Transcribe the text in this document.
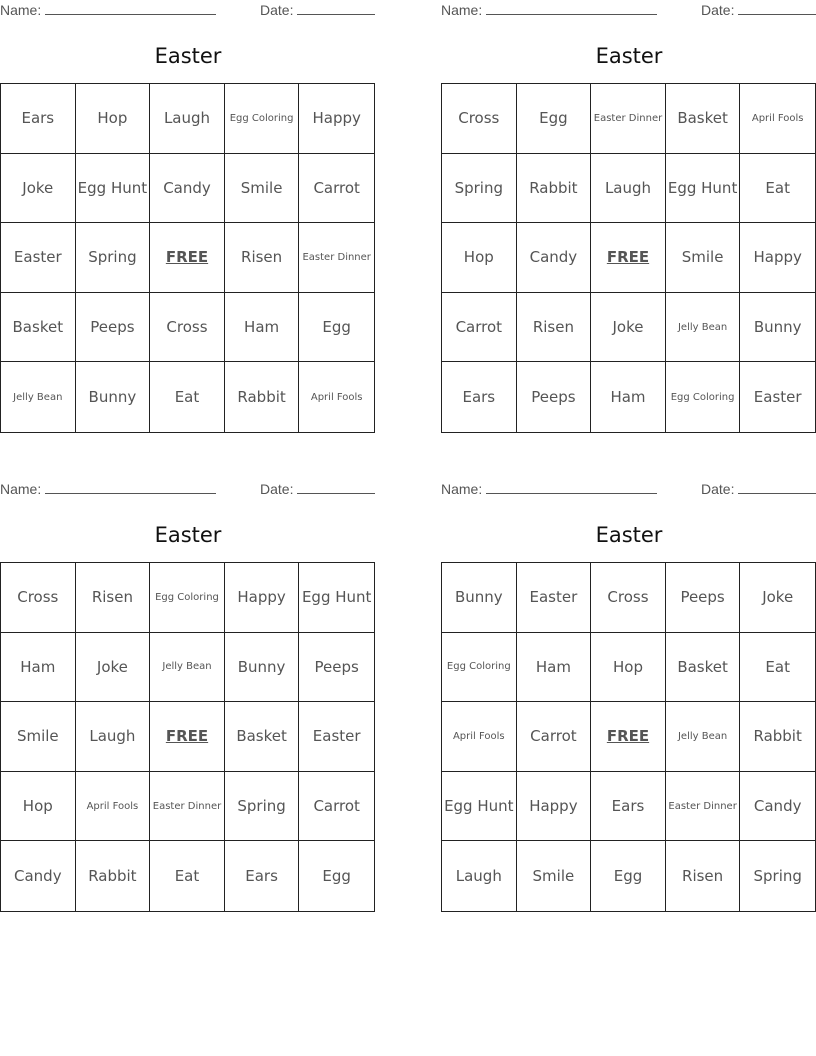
Name:	Date:
Easter
Ears	Hop	Laugh	Egg Coloring	Happy
Joke	Egg Hunt	Candy	Smile	Carrot
Easter	Spring	FREE	Risen	Easter Dinner
Basket	Peeps	Cross	Ham	Egg
Jelly Bean	Bunny	Eat	Rabbit	April Fools
Name:	Date:
Easter
Cross	Egg	Easter Dinner	Basket	April Fools
Spring	Rabbit	Laugh	Egg Hunt	Eat
Hop	Candy	FREE	Smile	Happy
Carrot	Risen	Joke	Jelly Bean	Bunny
Ears	Peeps	Ham	Egg Coloring	Easter
Name:	Date:
Easter
Cross	Risen	Egg Coloring	Happy	Egg Hunt
Ham	Joke	Jelly Bean	Bunny	Peeps
Smile	Laugh	FREE	Basket	Easter
Hop	April Fools	Easter Dinner	Spring	Carrot
Candy	Rabbit	Eat	Ears	Egg
Name:	Date:
Easter
Bunny	Easter	Cross	Peeps	Joke
Egg Coloring	Ham	Hop	Basket	Eat
April Fools	Carrot	FREE	Jelly Bean	Rabbit
Egg Hunt	Happy	Ears	Easter Dinner	Candy
Laugh	Smile	Egg	Risen	Spring
